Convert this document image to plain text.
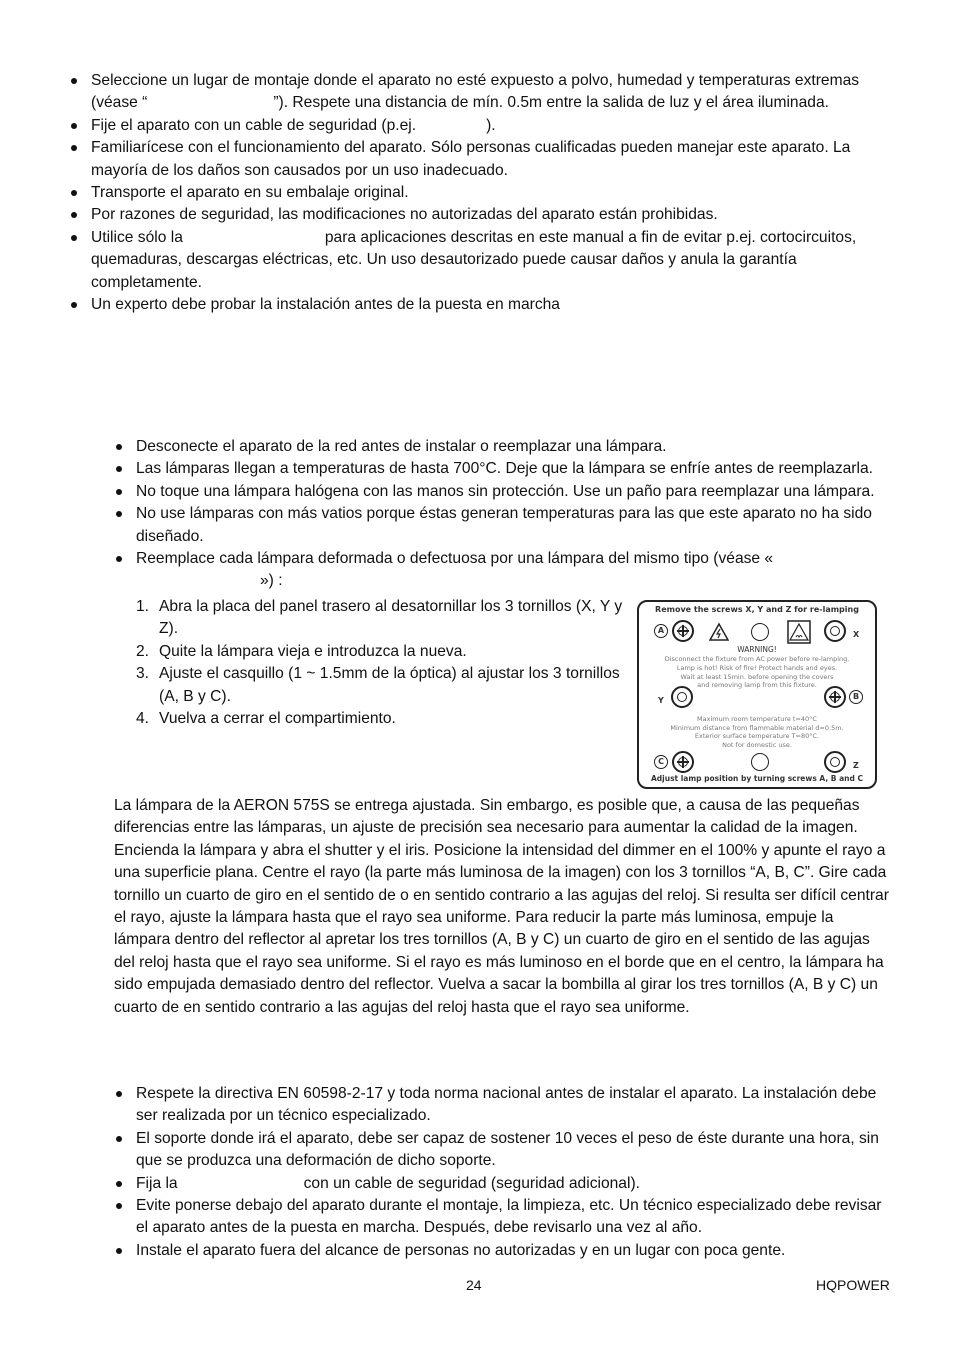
Seleccione un lugar de montaje donde el aparato no esté expuesto a polvo, humedad y temperaturas extremas (véase “	”). Respete una distancia de mín. 0.5m entre la salida de luz y el área iluminada.
Fije el aparato con un cable de seguridad (p.ej.	).
Familiarícese con el funcionamiento del aparato. Sólo personas cualificadas pueden manejar este aparato. La mayoría de los daños son causados por un uso inadecuado.
Transporte el aparato en su embalaje original.
Por razones de seguridad, las modificaciones no autorizadas del aparato están prohibidas.
Utilice sólo la	para aplicaciones descritas en este manual a fin de evitar p.ej. cortocircuitos, quemaduras, descargas eléctricas, etc. Un uso desautorizado puede causar daños y anula la garantía completamente.
Un experto debe probar la instalación antes de la puesta en marcha
Desconecte el aparato de la red antes de instalar o reemplazar una lámpara.
Las lámparas llegan a temperaturas de hasta 700°C. Deje que la lámpara se enfríe antes de reemplazarla.
No toque una lámpara halógena con las manos sin protección. Use un paño para reemplazar una lámpara.
No use lámparas con más vatios porque éstas generan temperaturas para las que este aparato no ha sido diseñado.
Reemplace cada lámpara deformada o defectuosa por una lámpara del mismo tipo (véase «») :
1. Abra la placa del panel trasero al desatornillar los 3 tornillos (X, Y y Z).
2. Quite la lámpara vieja e introduzca la nueva.
3. Ajuste el casquillo (1 ~ 1.5mm de la óptica) al ajustar los 3 tornillos (A, B y C).
4. Vuelva a cerrar el compartimiento.
Remove the screws X, Y and Z for re-lamping
A	X
WARNING!
Disconnect the fixture from AC power before re-lamping.
Lamp is hot! Risk of fire! Protect hands and eyes.
Wait at least 15min. before opening the covers
and removing lamp from this fixture.
Y	B
Maximum room temperature t=40°C
Minimum distance from flammable material d=0.5m.
Exterior surface temperature T=80°C.
Not for domestic use.
C	Z
Adjust lamp position by turning screws A, B and C

La lámpara de la AERON 575S se entrega ajustada. Sin embargo, es posible que, a causa de las pequeñas diferencias entre las lámparas, un ajuste de precisión sea necesario para aumentar la calidad de la imagen. Encienda la lámpara y abra el shutter y el iris. Posicione la intensidad del dimmer en el 100% y apunte el rayo a una superficie plana. Centre el rayo (la parte más luminosa de la imagen) con los 3 tornillos “A, B, C”. Gire cada tornillo un cuarto de giro en el sentido de o en sentido contrario a las agujas del reloj. Si resulta ser difícil centrar el rayo, ajuste la lámpara hasta que el rayo sea uniforme. Para reducir la parte más luminosa, empuje la lámpara dentro del reflector al apretar los tres tornillos (A, B y C) un cuarto de giro en el sentido de las agujas del reloj hasta que el rayo sea uniforme. Si el rayo es más luminoso en el borde que en el centro, la lámpara ha sido empujada demasiado dentro del reflector. Vuelva a sacar la bombilla al girar los tres tornillos (A, B y C) un cuarto de en sentido contrario a las agujas del reloj hasta que el rayo sea uniforme.

Respete la directiva EN 60598-2-17 y toda norma nacional antes de instalar el aparato. La instalación debe ser realizada por un técnico especializado.
El soporte donde irá el aparato, debe ser capaz de sostener 10 veces el peso de éste durante una hora, sin que se produzca una deformación de dicho soporte.
Fija la	con un cable de seguridad (seguridad adicional).
Evite ponerse debajo del aparato durante el montaje, la limpieza, etc. Un técnico especializado debe revisar el aparato antes de la puesta en marcha. Después, debe revisarlo una vez al año.
Instale el aparato fuera del alcance de personas no autorizadas y en un lugar con poca gente.
24	HQPOWER
